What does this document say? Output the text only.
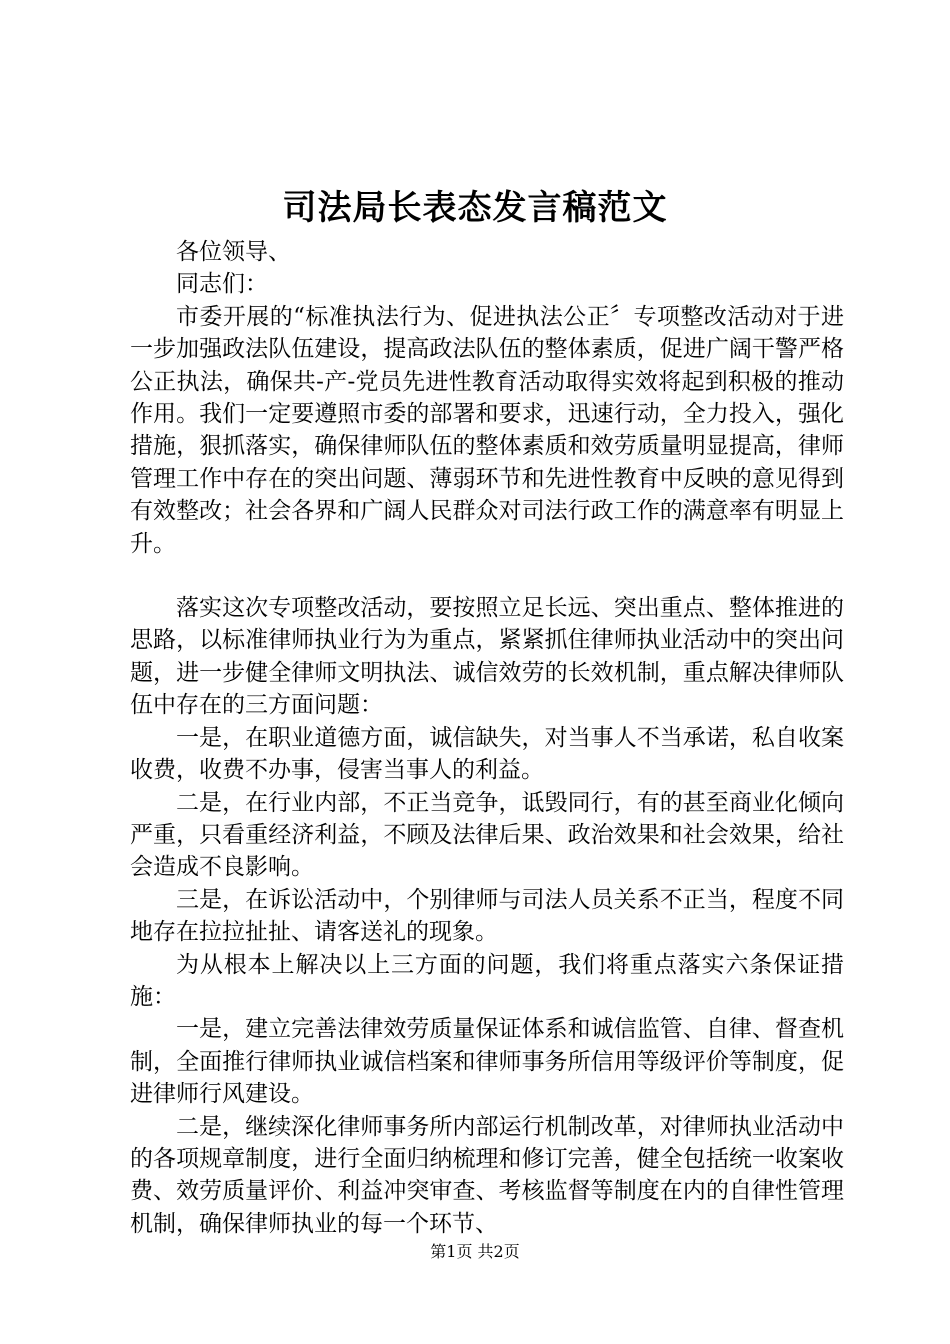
司法局长表态发言稿范文

各位领导、

同志们：

市委开展的“标准执法行为、促进执法公正〞专项整改活动对于进一步加强政法队伍建设，提高政法队伍的整体素质，促进广阔干警严格公正执法，确保共-产-党员先进性教育活动取得实效将起到积极的推动作用。我们一定要遵照市委的部署和要求，迅速行动，全力投入，强化措施，狠抓落实，确保律师队伍的整体素质和效劳质量明显提高，律师管理工作中存在的突出问题、薄弱环节和先进性教育中反映的意见得到有效整改；社会各界和广阔人民群众对司法行政工作的满意率有明显上升。

落实这次专项整改活动，要按照立足长远、突出重点、整体推进的思路，以标准律师执业行为为重点，紧紧抓住律师执业活动中的突出问题，进一步健全律师文明执法、诚信效劳的长效机制，重点解决律师队伍中存在的三方面问题：

一是，在职业道德方面，诚信缺失，对当事人不当承诺，私自收案收费，收费不办事，侵害当事人的利益。

二是，在行业内部，不正当竞争，诋毁同行，有的甚至商业化倾向严重，只看重经济利益，不顾及法律后果、政治效果和社会效果，给社会造成不良影响。

三是，在诉讼活动中，个别律师与司法人员关系不正当，程度不同地存在拉拉扯扯、请客送礼的现象。

为从根本上解决以上三方面的问题，我们将重点落实六条保证措施：

一是，建立完善法律效劳质量保证体系和诚信监管、自律、督查机制，全面推行律师执业诚信档案和律师事务所信用等级评价等制度，促进律师行风建设。

二是，继续深化律师事务所内部运行机制改革，对律师执业活动中的各项规章制度，进行全面归纳梳理和修订完善，健全包括统一收案收费、效劳质量评价、利益冲突审查、考核监督等制度在内的自律性管理机制，确保律师执业的每一个环节、

第1页 共2页
